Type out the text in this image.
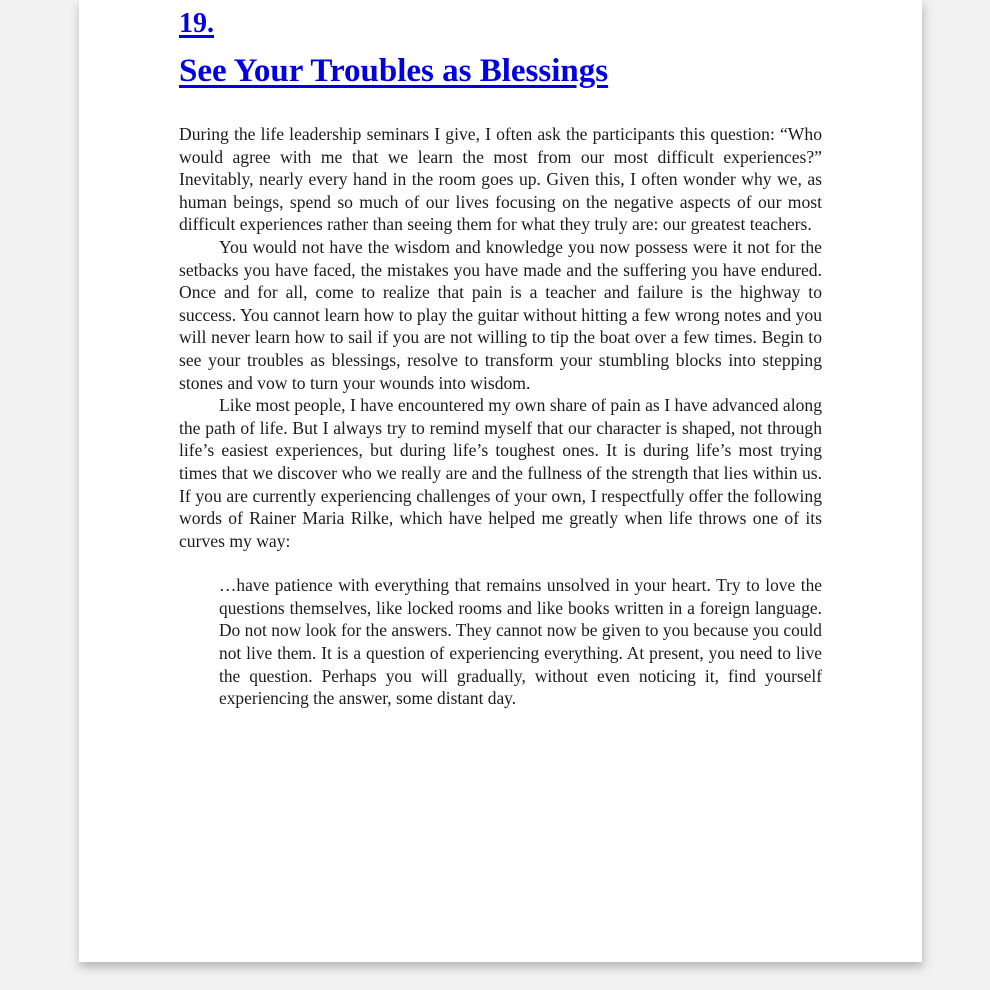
19.
See Your Troubles as Blessings

During the life leadership seminars I give, I often ask the participants this question: “Who would agree with me that we learn the most from our most difficult experiences?” Inevitably, nearly every hand in the room goes up. Given this, I often wonder why we, as human beings, spend so much of our lives focusing on the negative aspects of our most difficult experiences rather than seeing them for what they truly are: our greatest teachers.

You would not have the wisdom and knowledge you now possess were it not for the setbacks you have faced, the mistakes you have made and the suffering you have endured. Once and for all, come to realize that pain is a teacher and failure is the highway to success. You cannot learn how to play the guitar without hitting a few wrong notes and you will never learn how to sail if you are not willing to tip the boat over a few times. Begin to see your troubles as blessings, resolve to transform your stumbling blocks into stepping stones and vow to turn your wounds into wisdom.

Like most people, I have encountered my own share of pain as I have advanced along the path of life. But I always try to remind myself that our character is shaped, not through life’s easiest experiences, but during life’s toughest ones. It is during life’s most trying times that we discover who we really are and the fullness of the strength that lies within us. If you are currently experiencing challenges of your own, I respectfully offer the following words of Rainer Maria Rilke, which have helped me greatly when life throws one of its curves my way:

…have patience with everything that remains unsolved in your heart. Try to love the questions themselves, like locked rooms and like books written in a foreign language. Do not now look for the answers. They cannot now be given to you because you could not live them. It is a question of experiencing everything. At present, you need to live the question. Perhaps you will gradually, without even noticing it, find yourself experiencing the answer, some distant day.
